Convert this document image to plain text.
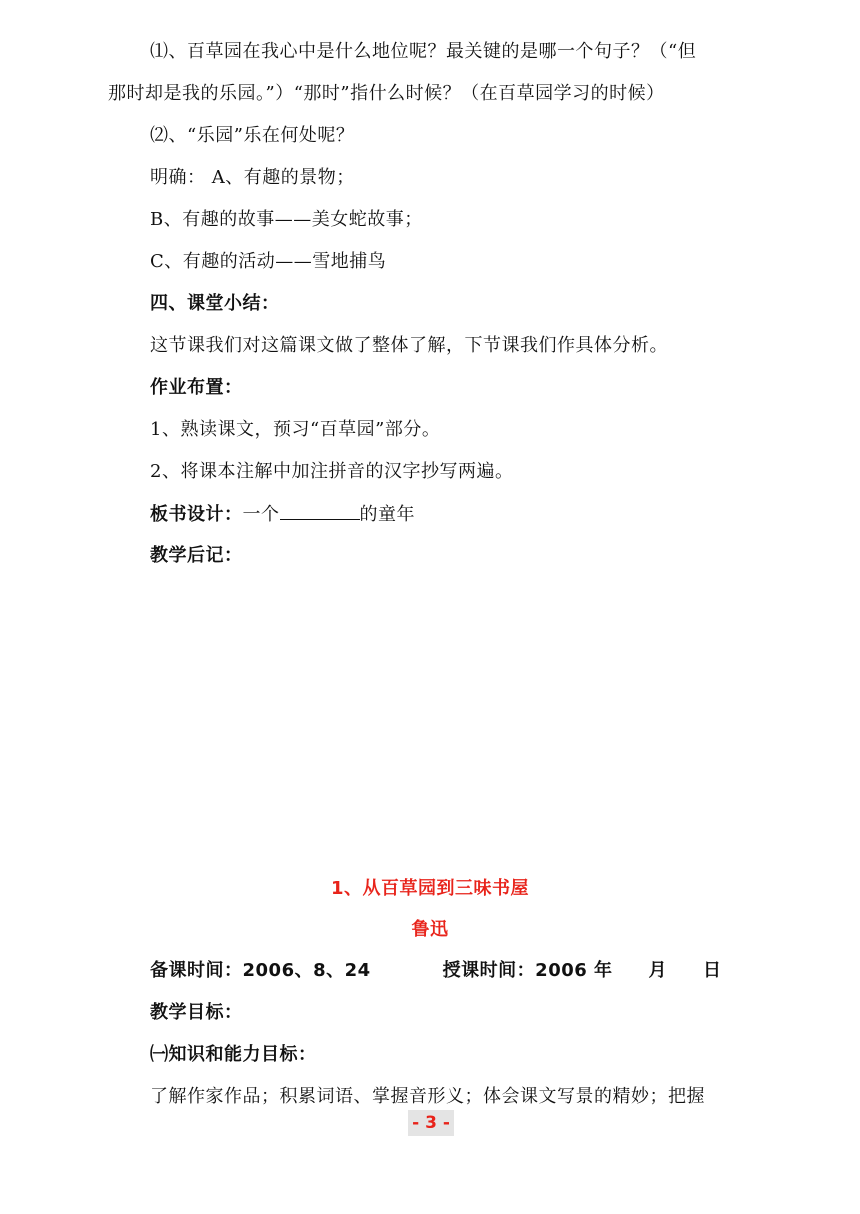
⑴、百草园在我心中是什么地位呢？最关键的是哪一个句子？（“但
那时却是我的乐园。”）“那时”指什么时候？（在百草园学习的时候）
⑵、“乐园”乐在何处呢？
明确： A、有趣的景物；
B、有趣的故事——美女蛇故事；
C、有趣的活动——雪地捕鸟
四、课堂小结：
这节课我们对这篇课文做了整体了解，下节课我们作具体分析。
作业布置：
1、熟读课文，预习“百草园”部分。
2、将课本注解中加注拼音的汉字抄写两遍。
板书设计：一个	的童年
教学后记：
1、从百草园到三味书屋
鲁迅
备课时间：2006、8、24	授课时间：2006 年 月 日
教学目标：
㈠知识和能力目标：
了解作家作品；积累词语、掌握音形义；体会课文写景的精妙；把握
- 3 -
